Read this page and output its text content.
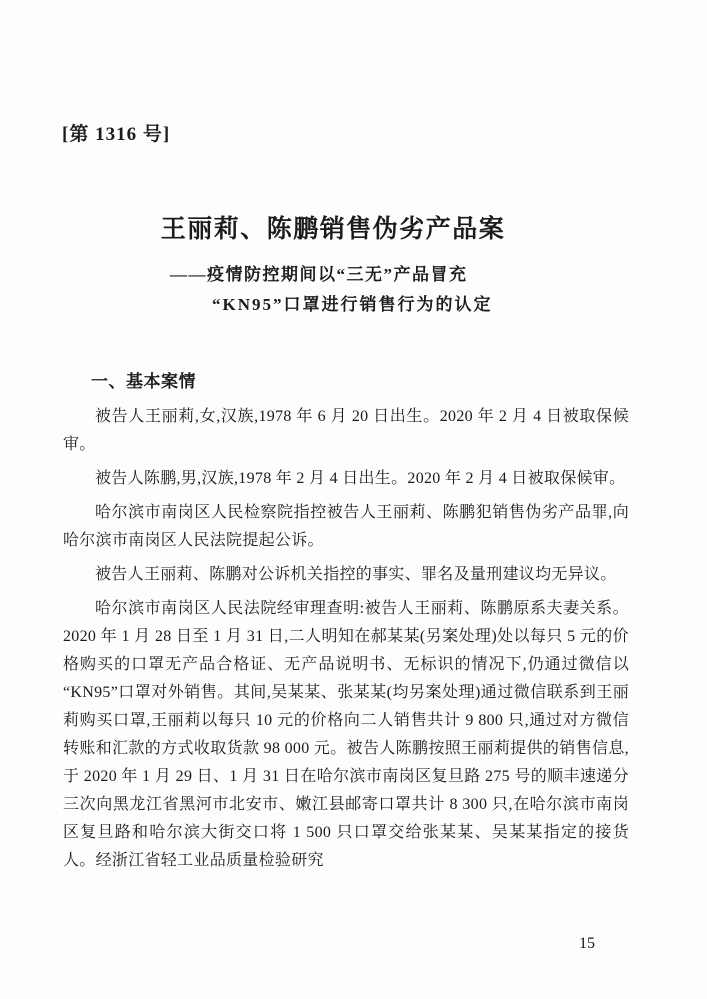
[第 1316 号]
王丽莉、陈鹏销售伪劣产品案
——疫情防控期间以“三无”产品冒充
“KN95”口罩进行销售行为的认定
一、基本案情

被告人王丽莉,女,汉族,1978 年 6 月 20 日出生。2020 年 2 月 4 日被取保候审。

被告人陈鹏,男,汉族,1978 年 2 月 4 日出生。2020 年 2 月 4 日被取保候审。

哈尔滨市南岗区人民检察院指控被告人王丽莉、陈鹏犯销售伪劣产品罪,向哈尔滨市南岗区人民法院提起公诉。

被告人王丽莉、陈鹏对公诉机关指控的事实、罪名及量刑建议均无异议。

哈尔滨市南岗区人民法院经审理查明:被告人王丽莉、陈鹏原系夫妻关系。2020 年 1 月 28 日至 1 月 31 日,二人明知在郝某某(另案处理)处以每只 5 元的价格购买的口罩无产品合格证、无产品说明书、无标识的情况下,仍通过微信以“KN95”口罩对外销售。其间,吴某某、张某某(均另案处理)通过微信联系到王丽莉购买口罩,王丽莉以每只 10 元的价格向二人销售共计 9 800 只,通过对方微信转账和汇款的方式收取货款 98 000 元。被告人陈鹏按照王丽莉提供的销售信息,于 2020 年 1 月 29 日、1 月 31 日在哈尔滨市南岗区复旦路 275 号的顺丰速递分三次向黑龙江省黑河市北安市、嫩江县邮寄口罩共计 8 300 只,在哈尔滨市南岗区复旦路和哈尔滨大街交口将 1 500 只口罩交给张某某、吴某某指定的接货人。经浙江省轻工业品质量检验研究

15
